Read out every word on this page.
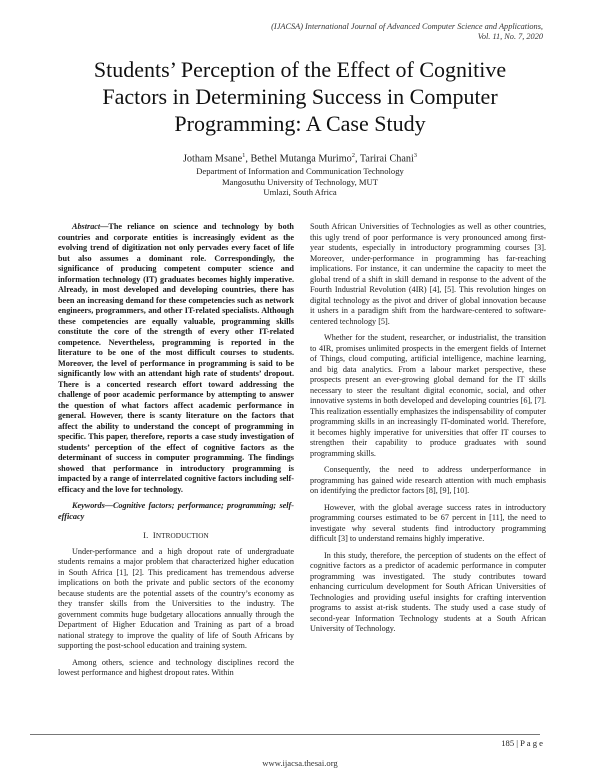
(IJACSA) International Journal of Advanced Computer Science and Applications,
Vol. 11, No. 7, 2020
Students’ Perception of the Effect of Cognitive Factors in Determining Success in Computer Programming: A Case Study
Jotham Msane$^1$, Bethel Mutanga Murimo$^2$, Tarirai Chani$^3$
Department of Information and Communication Technology
Mangosuthu University of Technology, MUT
Umlazi, South Africa

Abstract—The reliance on science and technology by both countries and corporate entities is increasingly evident as the evolving trend of digitization not only pervades every facet of life but also assumes a dominant role. Correspondingly, the significance of producing competent computer science and information technology (IT) graduates becomes highly imperative. Already, in most developed and developing countries, there has been an increasing demand for these competencies such as network engineers, programmers, and other IT-related specialists. Although these competencies are equally valuable, programming skills constitute the core of the strength of every other IT-related competence. Nevertheless, programming is reported in the literature to be one of the most difficult courses to students. Moreover, the level of performance in programming is said to be significantly low with an attendant high rate of students’ dropout. There is a concerted research effort toward addressing the challenge of poor academic performance by attempting to answer the question of what factors affect academic performance in general. However, there is scanty literature on the factors that affect the ability to understand the concept of programming in specific. This paper, therefore, reports a case study investigation of students’ perception of the effect of cognitive factors as the determinant of success in computer programming. The findings showed that performance in introductory programming is impacted by a range of interrelated cognitive factors including self-efficacy and the love for technology.

Keywords—Cognitive factors; performance; programming; self-efficacy

I. INTRODUCTION

Under-performance and a high dropout rate of undergraduate students remains a major problem that characterized higher education in South Africa [1], [2]. This predicament has tremendous adverse implications on both the private and public sectors of the economy because students are the potential assets of the country’s economy as they transfer skills from the Universities to the industry. The government commits huge budgetary allocations annually through the Department of Higher Education and Training as part of a broad national strategy to improve the quality of life of South Africans by supporting the post-school education and training system.

Among others, science and technology disciplines record the lowest performance and highest dropout rates. Within

South African Universities of Technologies as well as other countries, this ugly trend of poor performance is very pronounced among first-year students, especially in introductory programming courses [3]. Moreover, under-performance in programming has far-reaching implications. For instance, it can undermine the capacity to meet the global trend of a shift in skill demand in response to the advent of the Fourth Industrial Revolution (4IR) [4], [5]. This revolution hinges on digital technology as the pivot and driver of global innovation because it ushers in a paradigm shift from the hardware-centered to software-centered technology [5].

Whether for the student, researcher, or industrialist, the transition to 4IR, promises unlimited prospects in the emergent fields of Internet of Things, cloud computing, artificial intelligence, machine learning, and big data analytics. From a labour market perspective, these prospects present an ever-growing global demand for the IT skills necessary to steer the resultant digital economic, social, and other innovative systems in both developed and developing countries [6], [7]. This realization essentially emphasizes the indispensability of computer programming skills in an increasingly IT-dominated world. Therefore, it becomes highly imperative for universities that offer IT courses to strengthen their capability to produce graduates with sound programming skills.

Consequently, the need to address underperformance in programming has gained wide research attention with much emphasis on identifying the predictor factors [8], [9], [10].

However, with the global average success rates in introductory programming courses estimated to be 67 percent in [11], the need to investigate why several students find introductory programming difficult [3] to understand remains highly imperative.

In this study, therefore, the perception of students on the effect of cognitive factors as a predictor of academic performance in computer programming was investigated. The study contributes toward enhancing curriculum development for South African Universities of Technologies and providing useful insights for crafting intervention programs to assist at-risk students. The study used a case study of second-year Information Technology students at a South African University of Technology.

185 | P a g e
www.ijacsa.thesai.org
